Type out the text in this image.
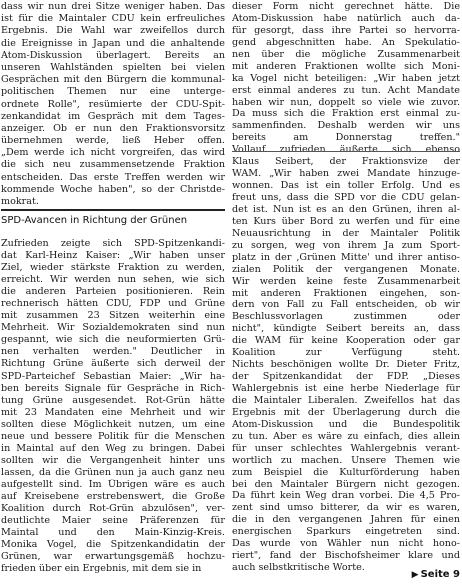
dass wir nun drei Sitze weniger haben. Das
ist für die Maintaler CDU kein erfreuliches
Ergebnis. Die Wahl war zweifellos durch
die Ereignisse in Japan und die anhaltende
Atom-Diskussion überlagert. Bereits an
unseren Wahlständen spielten bei vielen
Gesprächen mit den Bürgern die kommunal-
politischen Themen nur eine unterge-
ordnete Rolle", resümierte der CDU-Spit-
zenkandidat im Gespräch mit dem Tages-
anzeiger. Ob er nun den Fraktionsvorsitz
übernehmen werde, ließ Heber offen.
„Dem werde ich nicht vorgreifen, das wird
die sich neu zusammensetzende Fraktion
entscheiden. Das erste Treffen werden wir
kommende Woche haben", so der Christde-
mokrat.
SPD-Avancen in Richtung der Grünen
Zufrieden zeigte sich SPD-Spitzenkandi-
dat Karl-Heinz Kaiser: „Wir haben unser
Ziel, wieder stärkste Fraktion zu werden,
erreicht. Wir werden nun sehen, wie sich
die anderen Parteien positionieren. Rein
rechnerisch hätten CDU, FDP und Grüne
mit zusammen 23 Sitzen weiterhin eine
Mehrheit. Wir Sozialdemokraten sind nun
gespannt, wie sich die neuformierten Grü-
nen verhalten werden." Deutlicher in
Richtung Grüne äußerte sich derweil der
SPD-Parteichef Sebastian Maier: „Wir ha-
ben bereits Signale für Gespräche in Rich-
tung Grüne ausgesendet. Rot-Grün hätte
mit 23 Mandaten eine Mehrheit und wir
sollten diese Möglichkeit nutzen, um eine
neue und bessere Politik für die Menschen
in Maintal auf den Weg zu bringen. Dabei
sollten wir die Vergangenheit hinter uns
lassen, da die Grünen nun ja auch ganz neu
aufgestellt sind. Im Übrigen wäre es auch
auf Kreisebene erstrebenswert, die Große
Koalition durch Rot-Grün abzulösen", ver-
deutlichte Maier seine Präferenzen für
Maintal und den Main-Kinzig-Kreis.
Monika Vogel, die Spitzenkandidatin der
Grünen, war erwartungsgemäß hochzu-
frieden über ein Ergebnis, mit dem sie in
dieser Form nicht gerechnet hätte. Die
Atom-Diskussion habe natürlich auch da-
für gesorgt, dass ihre Partei so hervorra-
gend abgeschnitten habe. An Spekulatio-
nen über die mögliche Zusammenarbeit
mit anderen Fraktionen wollte sich Moni-
ka Vogel nicht beteiligen: „Wir haben jetzt
erst einmal anderes zu tun. Acht Mandate
haben wir nun, doppelt so viele wie zuvor.
Da muss sich die Fraktion erst einmal zu-
sammenfinden. Deshalb werden wir uns
bereits am Donnerstag treffen."
Vollauf zufrieden äußerte sich ebenso
Klaus Seibert, der Fraktionsvize der
WAM. „Wir haben zwei Mandate hinzuge-
wonnen. Das ist ein toller Erfolg. Und es
freut uns, dass die SPD vor die CDU gelan-
det ist. Nun ist es an den Grünen, ihren al-
ten Kurs über Bord zu werfen und für eine
Neuausrichtung in der Maintaler Politik
zu sorgen, weg von ihrem Ja zum Sport-
platz in der ,Grünen Mitte' und ihrer antiso-
zialen Politik der vergangenen Monate.
Wir werden keine feste Zusammenarbeit
mit anderen Fraktionen eingehen, son-
dern von Fall zu Fall entscheiden, ob wir
Beschlussvorlagen zustimmen oder
nicht", kündigte Seibert bereits an, dass
die WAM für keine Kooperation oder gar
Koalition zur Verfügung steht.
Nichts beschönigen wollte Dr. Dieter Fritz,
der Spitzenkandidat der FDP. „Dieses
Wahlergebnis ist eine herbe Niederlage für
die Maintaler Liberalen. Zweifellos hat das
Ergebnis mit der Überlagerung durch die
Atom-Diskussion und die Bundespolitik
zu tun. Aber es wäre zu einfach, dies allein
für unser schlechtes Wahlergebnis verant-
wortlich zu machen. Unsere Themen wie
zum Beispiel die Kulturförderung haben
bei den Maintaler Bürgern nicht gezogen.
Da führt kein Weg dran vorbei. Die 4,5 Pro-
zent sind umso bitterer, da wir es waren,
die in den vergangenen Jahren für einen
energischen Sparkurs eingetreten sind.
Das wurde von Wähler nun nicht hono-
riert", fand der Bischofsheimer klare und
auch selbstkritische Worte.
▶ Seite 9
